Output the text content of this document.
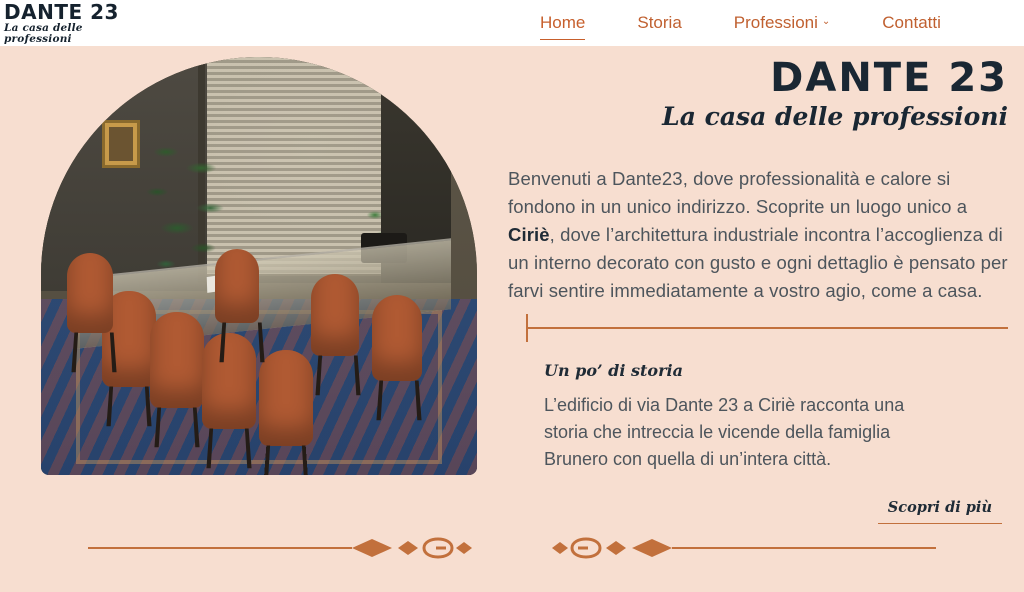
DANTE 23
La casa delle professioni
Home	Storia	Professioni ⌄	Contatti
DANTE 23
La casa delle professioni

Benvenuti a Dante23, dove professionalità e calore si fondono in un unico indirizzo. Scoprite un luogo unico a Ciriè, dove l’architettura industriale incontra l’accoglienza di un interno decorato con gusto e ogni dettaglio è pensato per farvi sentire immediatamente a vostro agio, come a casa.

Un po’ di storia

L’edificio di via Dante 23 a Ciriè racconta una storia che intreccia le vicende della famiglia Brunero con quella di un’intera città.

Scopri di più
